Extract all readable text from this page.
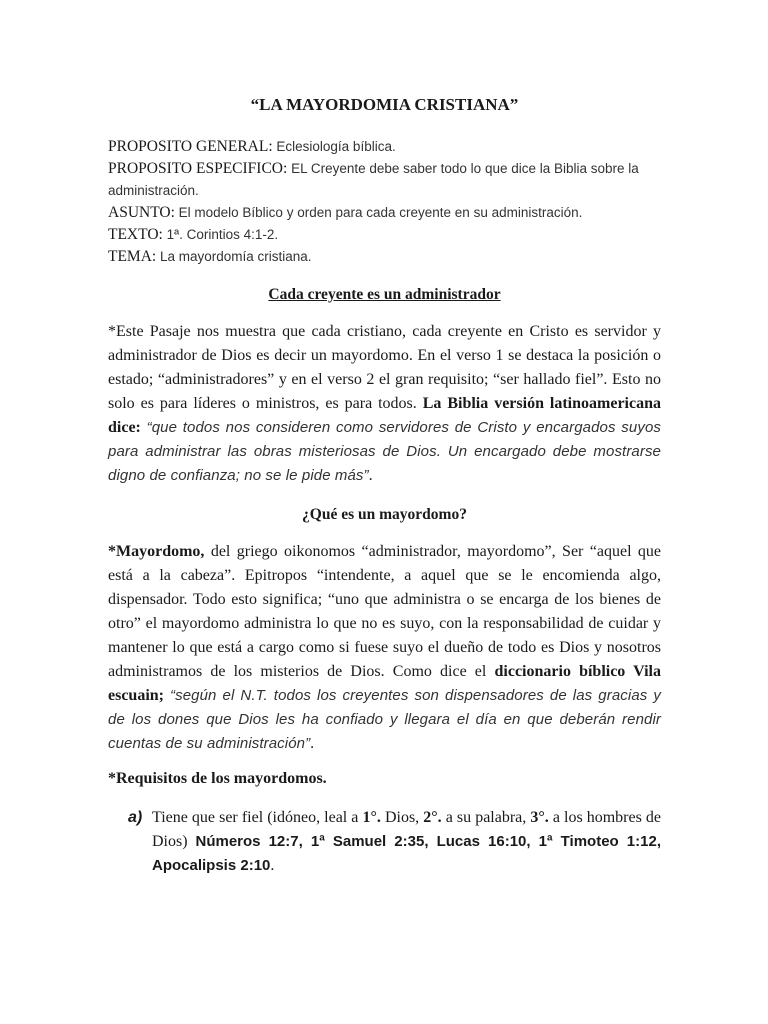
“LA MAYORDOMIA CRISTIANA”

PROPOSITO GENERAL: Eclesiología bíblica.

PROPOSITO ESPECIFICO: EL Creyente debe saber todo lo que dice la Biblia sobre la administración.

ASUNTO: El modelo Bíblico y orden para cada creyente en su administración.

TEXTO: 1ª. Corintios 4:1-2.

TEMA: La mayordomía cristiana.

Cada creyente es un administrador

*Este Pasaje nos muestra que cada cristiano, cada creyente en Cristo es servidor y administrador de Dios es decir un mayordomo. En el verso 1 se destaca la posición o estado; “administradores” y en el verso 2 el gran requisito; “ser hallado fiel”. Esto no solo es para líderes o ministros, es para todos. La Biblia versión latinoamericana dice: “que todos nos consideren como servidores de Cristo y encargados suyos para administrar las obras misteriosas de Dios. Un encargado debe mostrarse digno de confianza; no se le pide más”.

¿Qué es un mayordomo?

*Mayordomo, del griego oikonomos “administrador, mayordomo”, Ser “aquel que está a la cabeza”. Epitropos “intendente, a aquel que se le encomienda algo, dispensador. Todo esto significa; “uno que administra o se encarga de los bienes de otro” el mayordomo administra lo que no es suyo, con la responsabilidad de cuidar y mantener lo que está a cargo como si fuese suyo el dueño de todo es Dios y nosotros administramos de los misterios de Dios. Como dice el diccionario bíblico Vila escuain; “según el N.T. todos los creyentes son dispensadores de las gracias y de los dones que Dios les ha confiado y llegara el día en que deberán rendir cuentas de su administración”.

*Requisitos de los mayordomos.

a) Tiene que ser fiel (idóneo, leal a 1°. Dios, 2°. a su palabra, 3°. a los hombres de Dios) Números 12:7, 1ª Samuel 2:35, Lucas 16:10, 1ª Timoteo 1:12, Apocalipsis 2:10.
